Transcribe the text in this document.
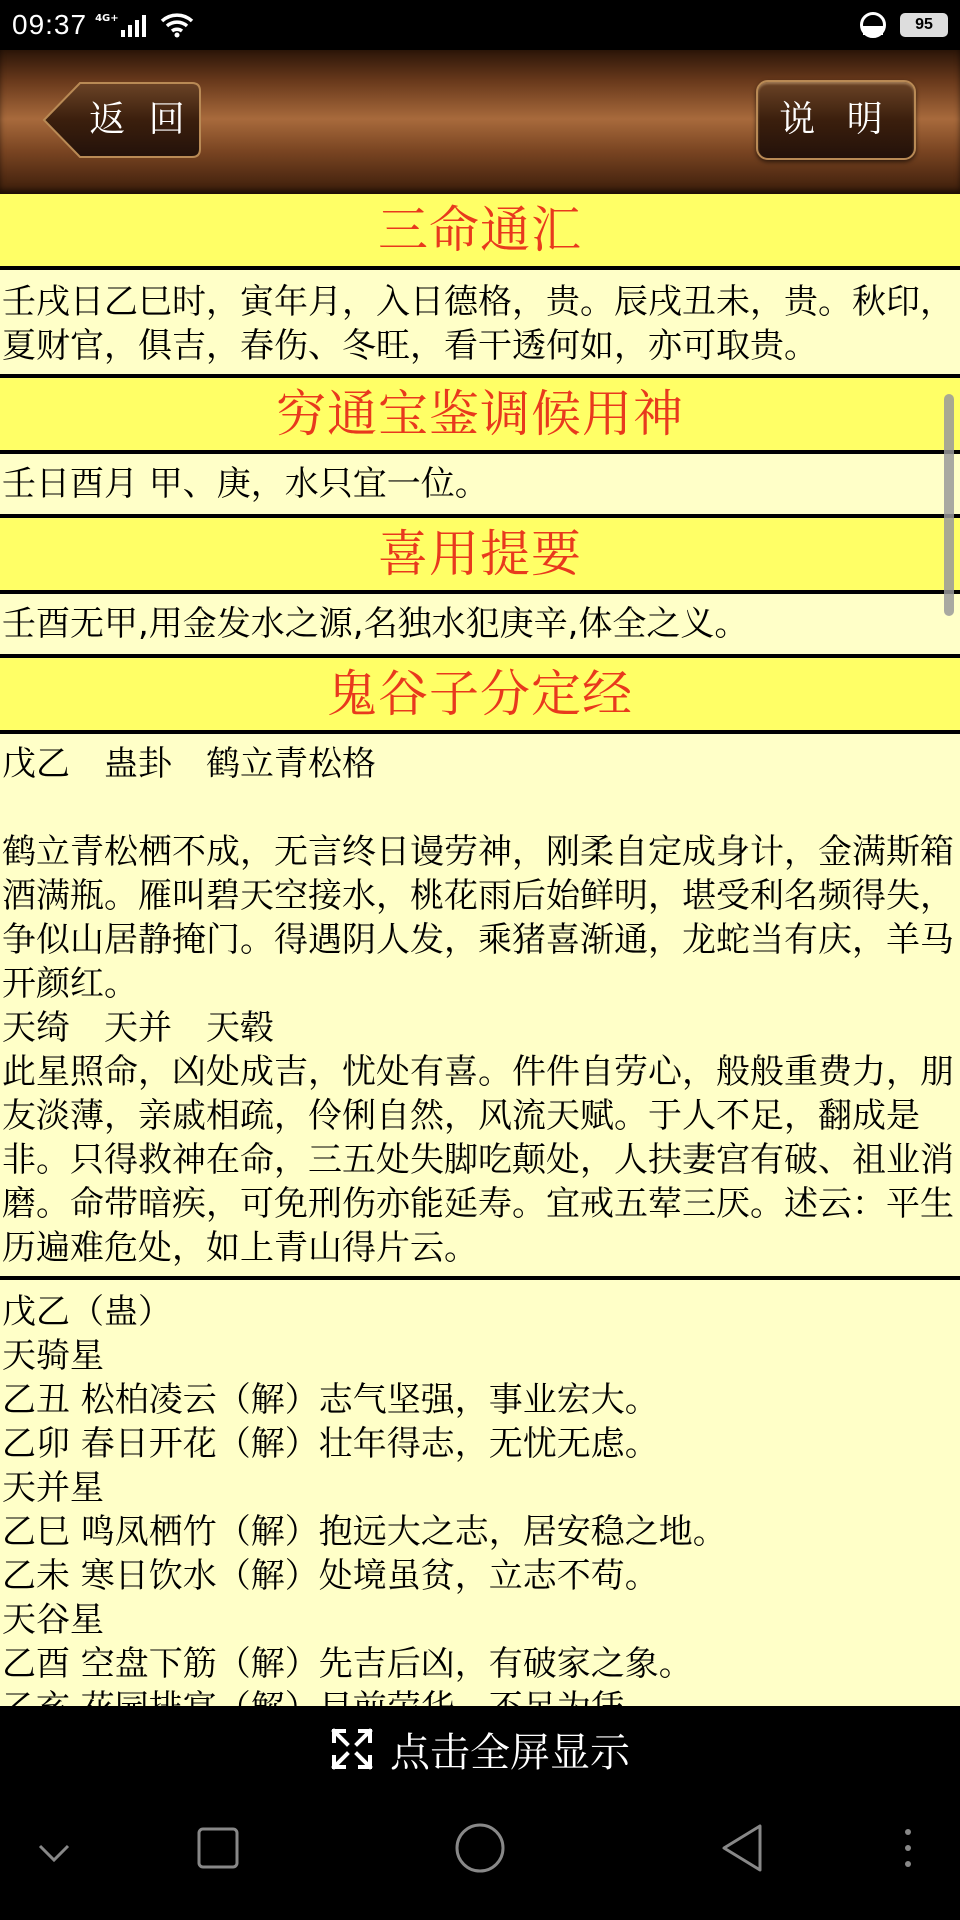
09:37 4G+	95
返 回	说 明
三命通汇
壬戌日乙巳时，寅年月，入日德格，贵。辰戌丑未，贵。秋印，夏财官，俱吉，春伤、冬旺，看干透何如，亦可取贵。
穷通宝鉴调候用神
壬日酉月 甲、庚，水只宜一位。
喜用提要
壬酉无甲,用金发水之源,名独水犯庚辛,体全之义。
鬼谷子分定经
戊乙　蛊卦　鹤立青松格

鹤立青松栖不成，无言终日谩劳神，刚柔自定成身计，金满斯箱酒满瓶。雁叫碧天空接水，桃花雨后始鲜明，堪受利名频得失，争似山居静掩门。得遇阴人发，乘猪喜渐通，龙蛇当有庆，羊马开颜红。
天绮　天并　天毂
此星照命，凶处成吉，忧处有喜。件件自劳心，般般重费力，朋友淡薄，亲戚相疏，伶俐自然，风流天赋。于人不足，翻成是非。只得救神在命，三五处失脚吃颠处，人扶妻宫有破、祖业消磨。命带暗疾，可免刑伤亦能延寿。宜戒五荤三厌。述云：平生历遍难危处，如上青山得片云。
戊乙（蛊）
天骑星
乙丑 松柏凌云（解）志气坚强，事业宏大。
乙卯 春日开花（解）壮年得志，无忧无虑。
天并星
乙巳 鸣凤栖竹（解）抱远大之志，居安稳之地。
乙未 寒日饮水（解）处境虽贫，立志不苟。
天谷星
乙酉 空盘下筋（解）先吉后凶，有破家之象。

点击全屏显示
